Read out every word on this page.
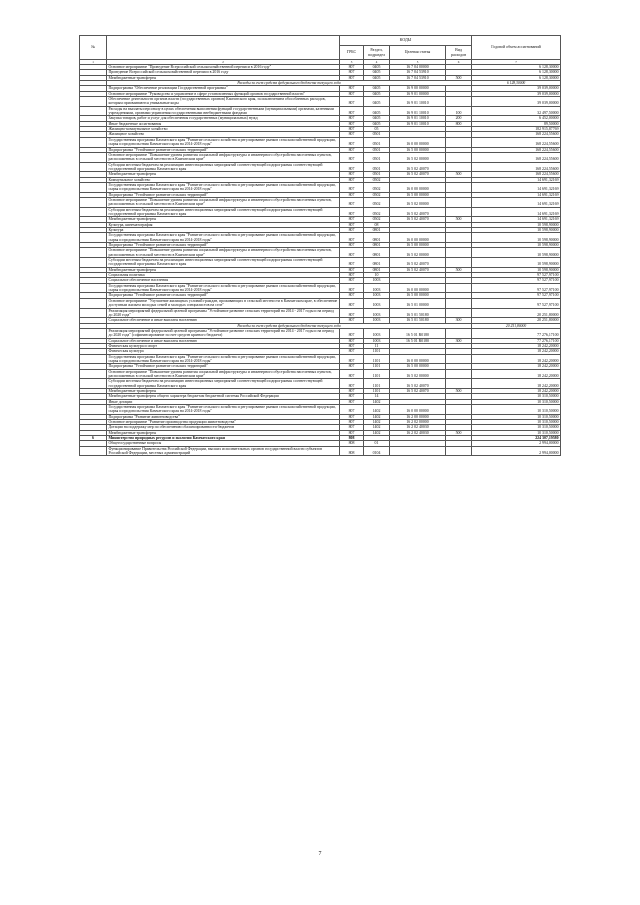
№		КОДЫ				Годовой объем ассигнований
		ГРБС	Раздел, подраздел	Целевая статья	Вид расходов	
1	2	3	4	5	6	7
	Основное мероприятие "Проведение Всероссийской сельскохозяйственной переписи в 2016 году"	807	0405	16 7 04 00000		6 128,30000
	Проведение Всероссийской сельскохозяйственной переписи в 2016 году	807	0405	16 7 04 53910		6 128,30000
	Межбюджетные трансферты	807	0405	16 7 04 53910	500	6 128,30000
	Расходы за счет средств федерального бюджета текущего года					6 128,30000
	Подпрограмма "Обеспечение реализации Государственной программы"	807	0405	16 9 00 00000		39 039,00000
	Основное мероприятие "Руководство и управление в сфере установленных функций органов государственной власти"	807	0405	16 9 01 00000		39 039,00000
	Обеспечение деятельности органов власти (государственных органов) Камчатского края, за исключением обособленных расходов, которым присваиваются уникальные коды	807	0405	16 9 01 10010		39 039,00000
	Расходы на выплаты персоналу в целях обеспечения выполнения функций государственными (муниципальными) органами, казенными учреждениями, органами управления государственными внебюджетными фондами	807	0405	16 9 01 10010	100	32 497,50000
	Закупка товаров, работ и услуг для обеспечения государственных (муниципальных) нужд	807	0405	16 9 01 10010	200	6 452,00000
	Иные бюджетные ассигнования	807	0405	16 9 01 10010	800	89,50000
	Жилищно-коммунальное хозяйство	807	05			182 915,87769
	Жилищное хозяйство	807	0501			168 224,55600
	Государственная программа Камчатского края "Развитие сельского хозяйства и регулирование рынков сельскохозяйственной продукции, сырья и продовольствия Камчатского края на 2014-2018 годы"	807	0501	16 0 00 00000		168 224,55600
	Подпрограмма "Устойчивое развитие сельских территорий"	807	0501	16 5 00 00000		168 224,55600
	Основное мероприятие "Повышение уровня развития социальной инфраструктуры и инженерного обустройства населенных пунктов, расположенных в сельской местности в Камчатском крае"	807	0501	16 5 02 00000		168 224,55600
	Субсидии местным бюджетам на реализацию инвестиционных мероприятий соответствующей подпрограммы соответствующей государственной программы Камчатского края	807	0501	16 5 02 40070		168 224,55600
	Межбюджетные трансферты	807	0501	16 5 02 40070	500	168 224,55600
	Коммунальное хозяйство	807	0502			14 691,32169
	Государственная программа Камчатского края "Развитие сельского хозяйства и регулирование рынков сельскохозяйственной продукции, сырья и продовольствия Камчатского края на 2014-2018 годы"	807	0502	16 0 00 00000		14 691,32169
	Подпрограмма "Устойчивое развитие сельских территорий"	807	0502	16 5 00 00000		14 691,32169
	Основное мероприятие "Повышение уровня развития социальной инфраструктуры и инженерного обустройства населенных пунктов, расположенных в сельской местности в Камчатском крае"	807	0502	16 5 02 00000		14 691,32169
	Субсидии местным бюджетам на реализацию инвестиционных мероприятий соответствующей подпрограммы соответствующей государственной программы Камчатского края	807	0502	16 5 02 40070		14 691,32169
	Межбюджетные трансферты	807	0502	16 5 02 40070	500	14 691,32169
	Культура, кинематография	807	08			10 598,90000
	Культура	807	0801			10 598,90000
	Государственная программа Камчатского края "Развитие сельского хозяйства и регулирование рынков сельскохозяйственной продукции, сырья и продовольствия Камчатского края на 2014-2018 годы"	807	0801	16 0 00 00000		10 598,90000
	Подпрограмма "Устойчивое развитие сельских территорий"	807	0801	16 5 00 00000		10 598,90000
	Основное мероприятие "Повышение уровня развития социальной инфраструктуры и инженерного обустройства населенных пунктов, расположенных в сельской местности в Камчатском крае"	807	0801	16 5 02 00000		10 598,90000
	Субсидии местным бюджетам на реализацию инвестиционных мероприятий соответствующей подпрограммы соответствующей государственной программы Камчатского края	807	0801	16 5 02 40070		10 598,90000
	Межбюджетные трансферты	807	0801	16 5 02 40070	500	10 598,90000
	Социальная политика	807	10			97 527,97100
	Социальное обеспечение населения	807	1003			97 527,97100
	Государственная программа Камчатского края "Развитие сельского хозяйства и регулирование рынков сельскохозяйственной продукции, сырья и продовольствия Камчатского края на 2014-2018 годы"	807	1003	16 0 00 00000		97 527,97100
	Подпрограмма "Устойчивое развитие сельских территорий"	807	1003	16 5 00 00000		97 527,97100
	Основное мероприятие "Улучшение жилищных условий граждан, проживающих в сельской местности в Камчатском крае, в обеспечение доступным жильем молодых семей и молодых специалистов на селе"	807	1003	16 5 01 00000		97 527,97100
	Реализация мероприятий федеральной целевой программы "Устойчивое развитие сельских территорий на 2014 - 2017 годы и на период до 2020 года"	807	1003	16 5 01 50180		20 251,80000
	Социальное обеспечение и иные выплаты населению	807	1003	16 5 01 50180	300	20 251,80000
	Расходы за счет средств федерального бюджета текущего года					20 251,80000
	Реализация мероприятий федеральной целевой программы "Устойчивое развитие сельских территорий на 2014 - 2017 годы и на период до 2020 года" (софинансирование за счет средств краевого бюджета)	807	1003	16 5 01 R0180		77 276,17100
	Социальное обеспечение и иные выплаты населению	807	1003	16 5 01 R0180	300	77 276,17100
	Физическая культура и спорт	807	11			18 242,20000
	Физическая культура	807	1101			18 242,20000
	Государственная программа Камчатского края "Развитие сельского хозяйства и регулирование рынков сельскохозяйственной продукции, сырья и продовольствия Камчатского края на 2014-2018 годы"	807	1101	16 0 00 00000		18 242,20000
	Подпрограмма "Устойчивое развитие сельских территорий"	807	1101	16 5 00 00000		18 242,20000
	Основное мероприятие "Повышение уровня развития социальной инфраструктуры и инженерного обустройства населенных пунктов, расположенных в сельской местности в Камчатском крае"	807	1101	16 5 02 00000		18 242,20000
	Субсидии местным бюджетам на реализацию инвестиционных мероприятий соответствующей подпрограммы соответствующей государственной программы Камчатского края	807	1101	16 5 02 40070		18 242,20000
	Межбюджетные трансферты	807	1101	16 5 02 40070	500	18 242,20000
	Межбюджетные трансферты общего характера бюджетам бюджетной системы Российской Федерации	807	14			10 310,50000
	Иные дотации	807	1402			10 310,50000
	Государственная программа Камчатского края "Развитие сельского хозяйства и регулирование рынков сельскохозяйственной продукции, сырья и продовольствия Камчатского края на 2014-2018 годы"	807	1402	16 0 00 00000		10 310,50000
	Подпрограмма "Развитие животноводства"	807	1402	16 2 00 00000		10 310,50000
	Основное мероприятие "Развитие производства продукции животноводства"	807	1402	16 2 02 00000		10 310,50000
	Дотации на поддержку мер по обеспечению сбалансированности бюджетов	807	1402	16 2 02 40030		10 310,50000
	Межбюджетные трансферты	807	1402	16 2 02 40030	500	10 310,50000
6	Министерство природных ресурсов и экологии Камчатского края	808				224 307,19580
	Общегосударственные вопросы	808	01			2 994,00000
	Функционирование Правительства Российской Федерации, высших исполнительных органов государственной власти субъектов Российской Федерации, местных администраций	808	0104			2 994,00000
7
